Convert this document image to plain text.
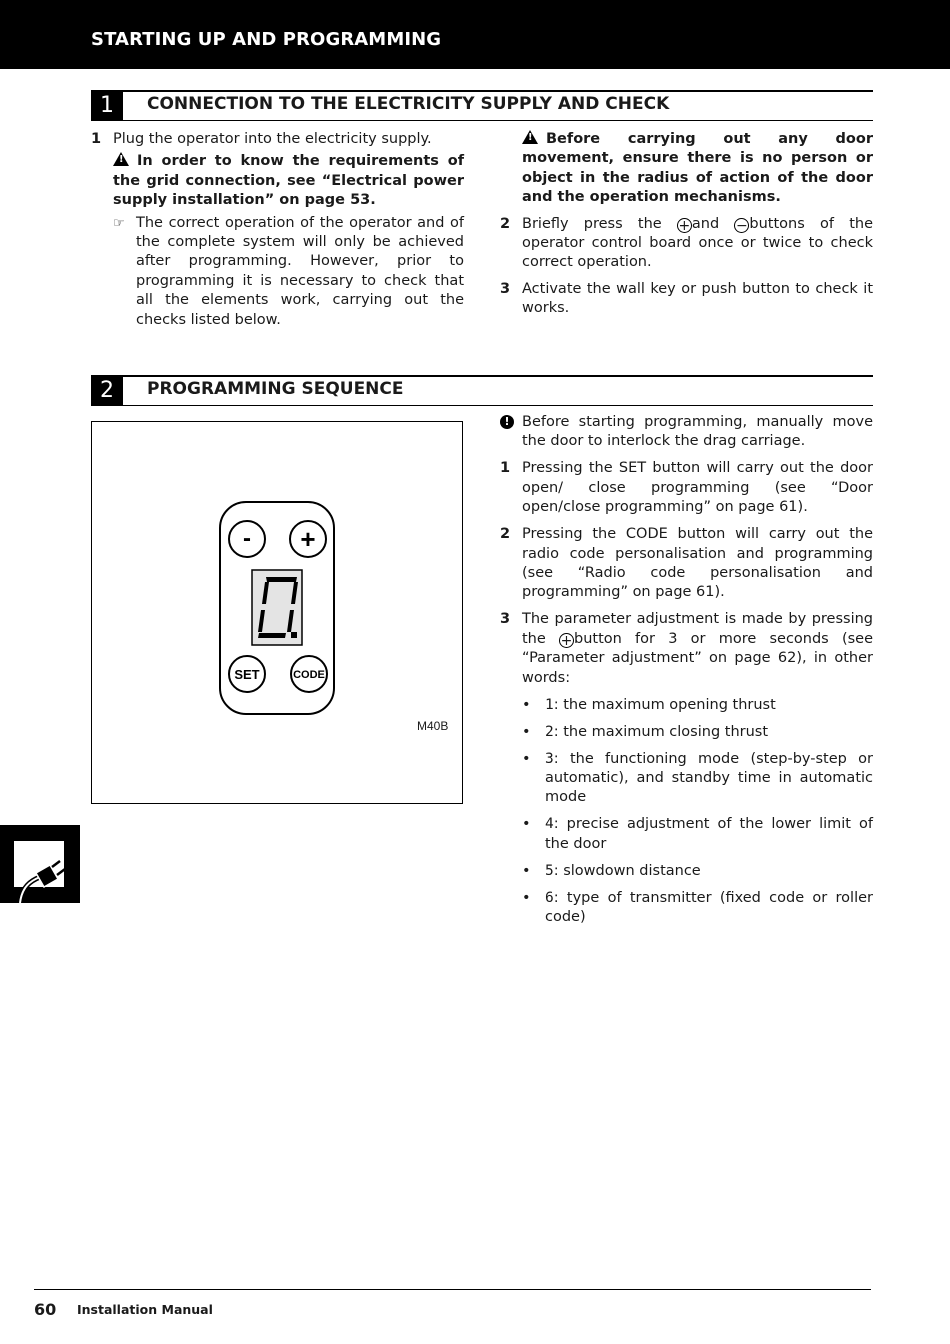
STARTING UP AND PROGRAMMING
1	CONNECTION TO THE ELECTRICITY SUPPLY AND CHECK
1 Plug the operator into the electricity supply.
!In order to know the requirements of the grid connection, see “Electrical power supply installation” on page 53.
☞ The correct operation of the operator and of the complete system will only be achieved after programming. However, prior to programming it is necessary to check that all the elements work, carrying out the checks listed below.
!Before carrying out any door movement, ensure there is no person or object in the radius of action of the door and the operation mechanisms.
2 Briefly press the + and − buttons of the operator control board once or twice to check correct operation.
3 Activate the wall key or push button to check it works.
2	PROGRAMMING SEQUENCE
- +
SET	CODE
M40B
! Before starting programming, manually move the door to interlock the drag carriage.
1 Pressing the SET button will carry out the door open/ close programming (see “Door open/close programming” on page 61).
2 Pressing the CODE button will carry out the radio code personalisation and programming (see “Radio code personalisation and programming” on page 61).
3 The parameter adjustment is made by pressing the + button for 3 or more seconds (see “Parameter adjustment” on page 62), in other words:
• 1: the maximum opening thrust
• 2: the maximum closing thrust
• 3: the functioning mode (step-by-step or automatic), and standby time in automatic mode
• 4: precise adjustment of the lower limit of the door
• 5: slowdown distance
• 6: type of transmitter (fixed code or roller code)
60 Installation Manual
